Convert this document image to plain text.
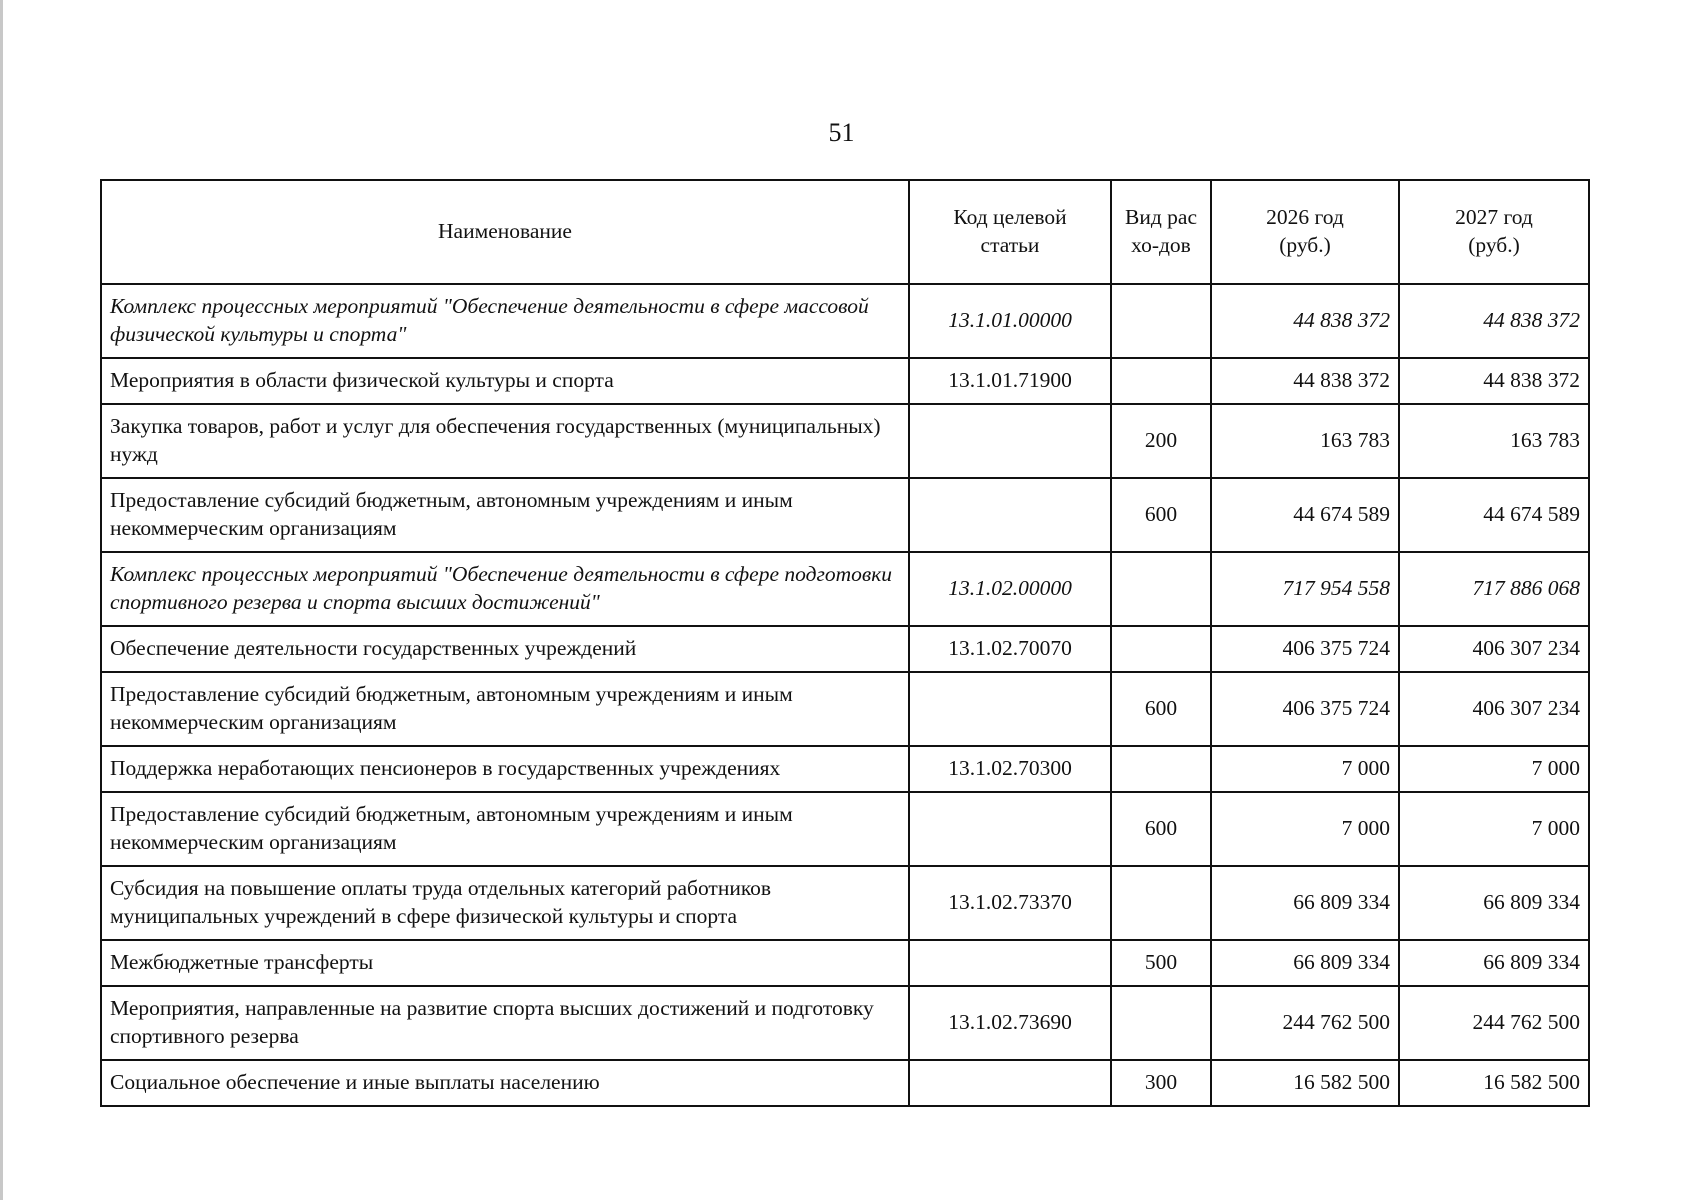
51
Наименование	Код целевой статьи	Вид расхо-дов	2026 год (руб.)	2027 год (руб.)
Комплекс процессных мероприятий "Обеспечение деятельности в сфере массовой физической культуры и спорта"	13.1.01.00000		44 838 372	44 838 372
Мероприятия в области физической культуры и спорта	13.1.01.71900		44 838 372	44 838 372
Закупка товаров, работ и услуг для обеспечения государственных (муниципальных) нужд		200	163 783	163 783
Предоставление субсидий бюджетным, автономным учреждениям и иным некоммерческим организациям		600	44 674 589	44 674 589
Комплекс процессных мероприятий "Обеспечение деятельности в сфере подготовки спортивного резерва и спорта высших достижений"	13.1.02.00000		717 954 558	717 886 068
Обеспечение деятельности государственных учреждений	13.1.02.70070		406 375 724	406 307 234
Предоставление субсидий бюджетным, автономным учреждениям и иным некоммерческим организациям		600	406 375 724	406 307 234
Поддержка неработающих пенсионеров в государственных учреждениях	13.1.02.70300		7 000	7 000
Предоставление субсидий бюджетным, автономным учреждениям и иным некоммерческим организациям		600	7 000	7 000
Субсидия на повышение оплаты труда отдельных категорий работников муниципальных учреждений в сфере физической культуры и спорта	13.1.02.73370		66 809 334	66 809 334
Межбюджетные трансферты		500	66 809 334	66 809 334
Мероприятия, направленные на развитие спорта высших достижений и подготовку спортивного резерва	13.1.02.73690		244 762 500	244 762 500
Социальное обеспечение и иные выплаты населению		300	16 582 500	16 582 500
